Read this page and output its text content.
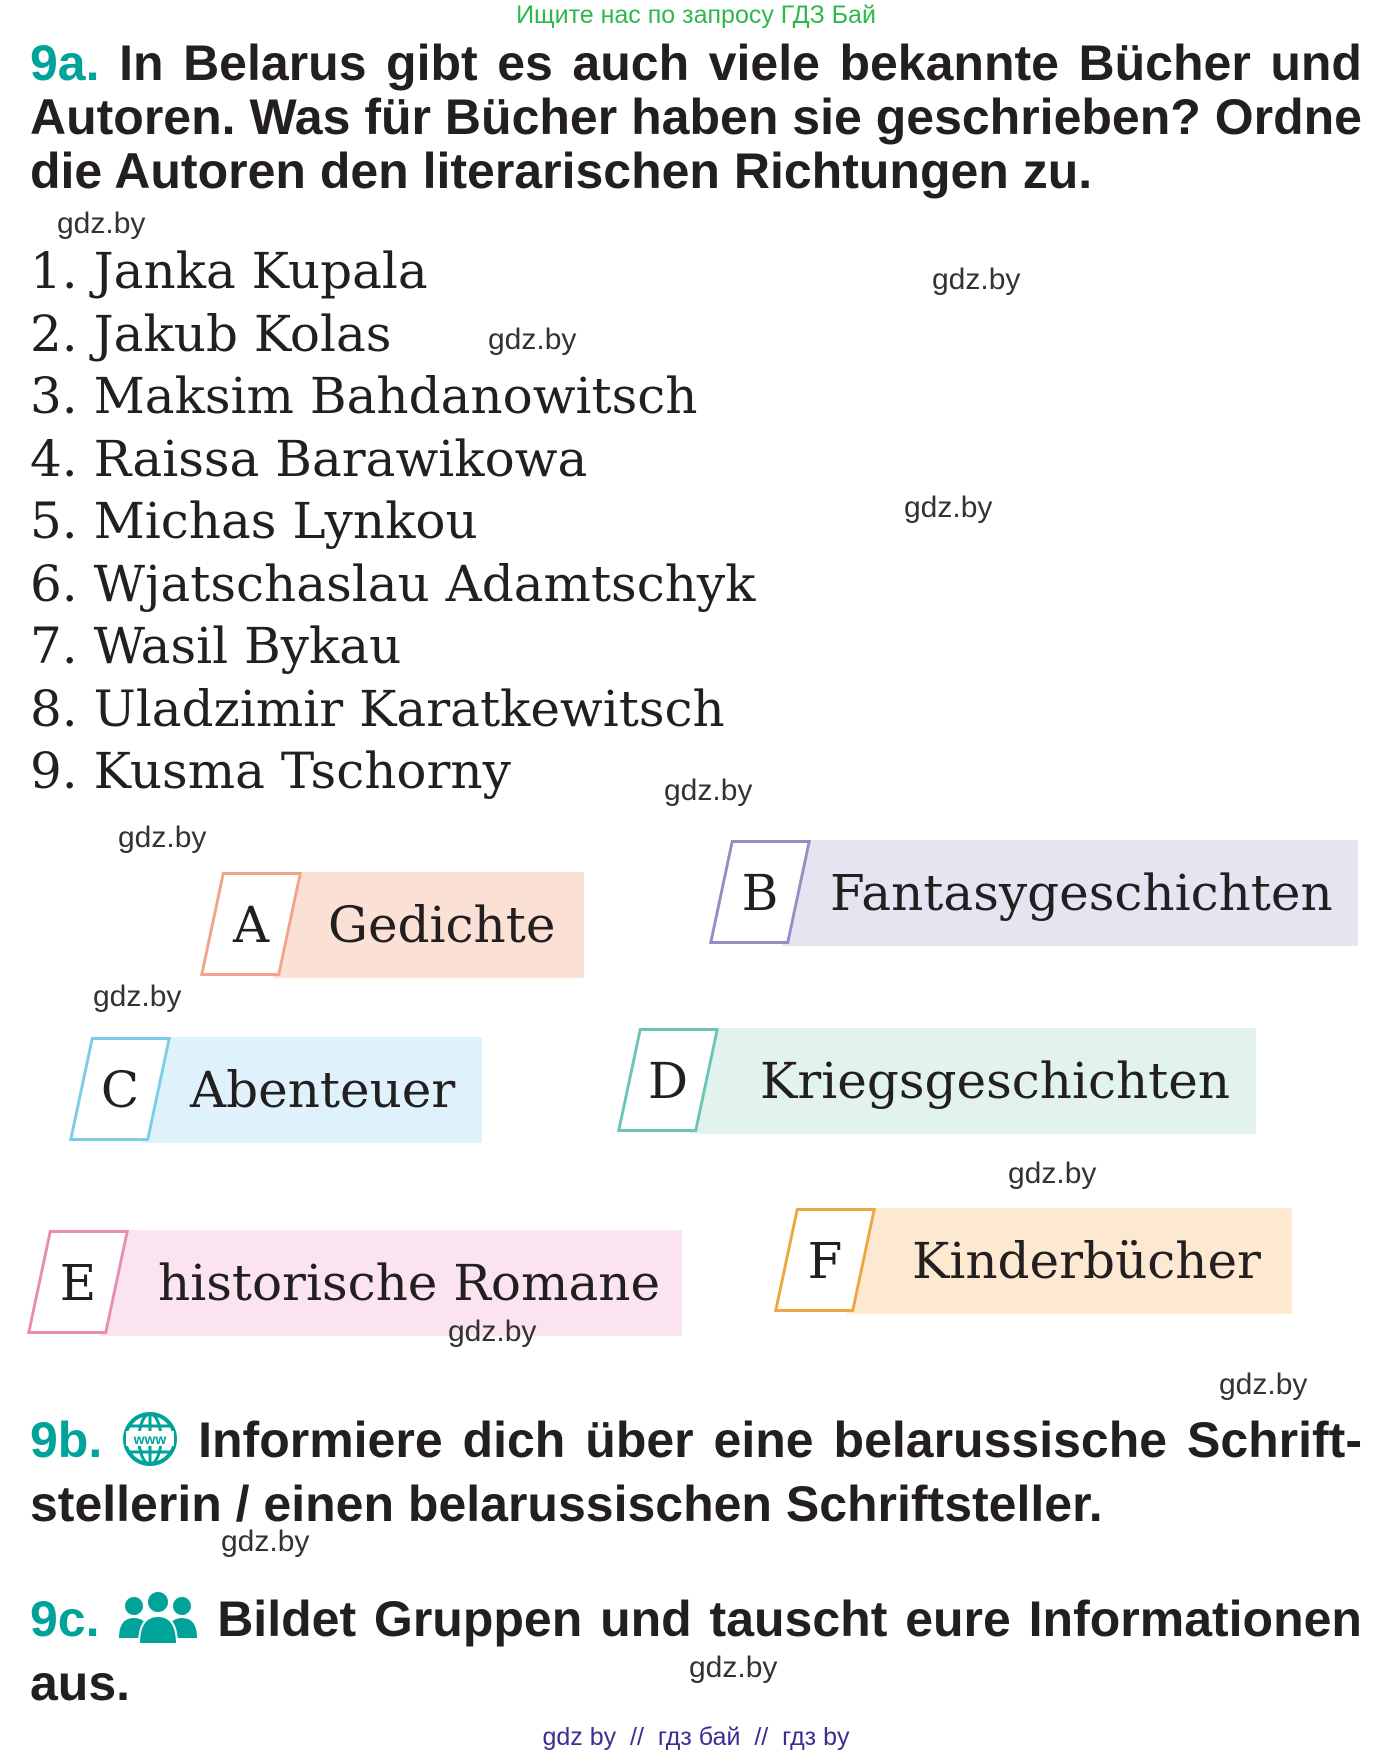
Ищите нас по запросу ГДЗ Бай
9a. In Belarus gibt es auch viele bekannte Bücher und Autoren. Was für Bücher haben sie geschrieben? Ordne die Autoren den literarischen Richtungen zu.
1. Janka Kupala
2. Jakub Kolas
3. Maksim Bahdanowitsch
4. Raissa Barawikowa
5. Michas Lynkou
6. Wjatschaslau Adamtschyk
7. Wasil Bykau
8. Uladzimir Karatkewitsch
9. Kusma Tschorny
A	Gedichte
B	Fantasygeschichten
C	Abenteuer	D	Kriegsgeschichten
E	historische Romane	F	Kinderbücher
9b. www Informiere dich über eine belarussische Schrift-stellerin / einen belarussischen Schriftsteller.
9c. Bildet Gruppen und tauscht eure Informationen aus.
gdz.by
gdz.by
gdz.by
gdz.by
gdz.by
gdz.by
gdz.by
gdz.by
gdz.by
gdz.by
gdz.by
gdz.by
gdz by  //  гдз бай  //  гдз by
